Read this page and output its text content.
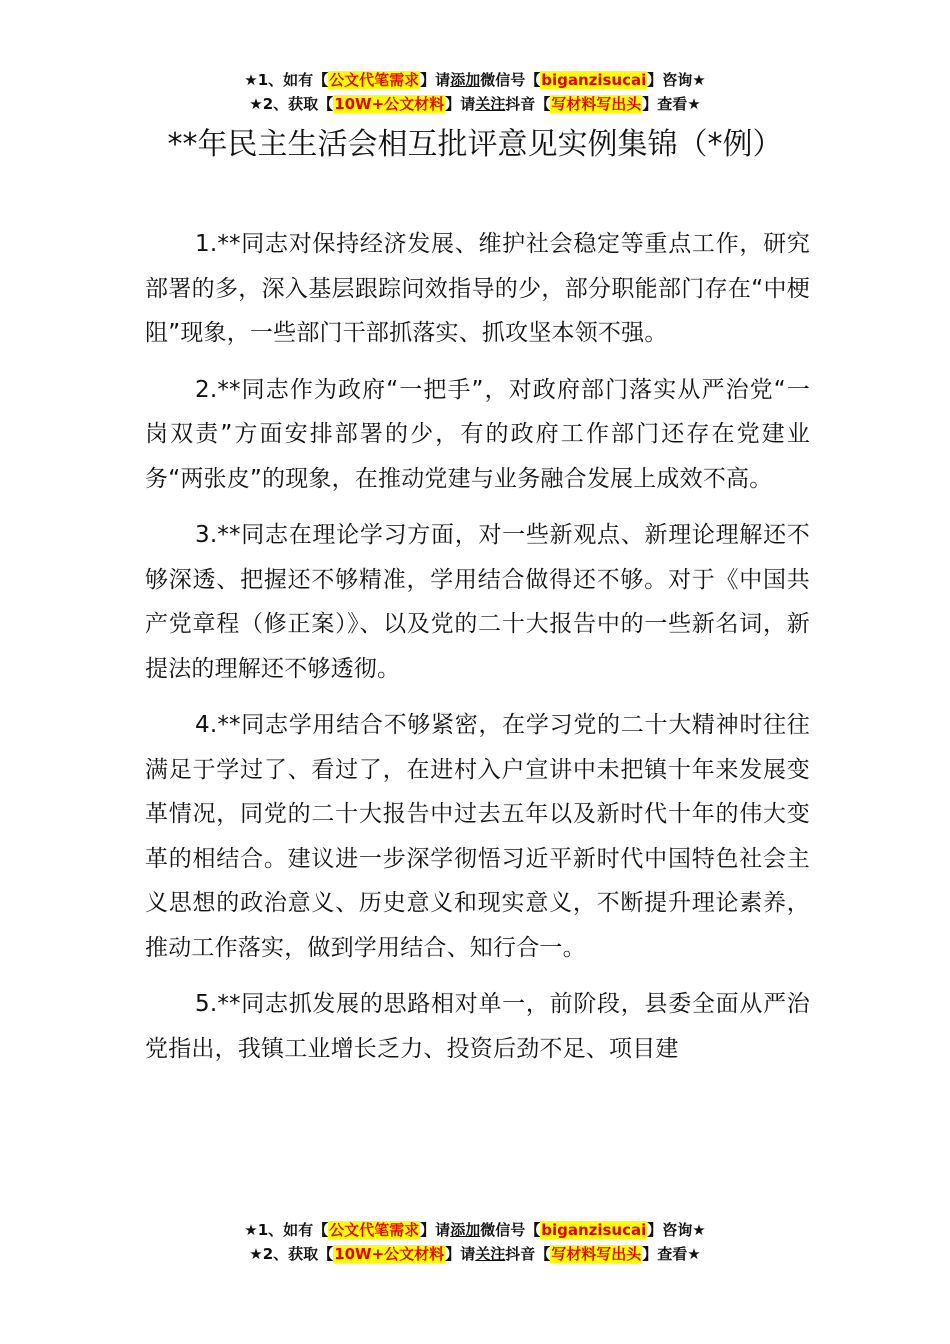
★1、如有【公文代笔需求】请添加微信号【biganzisucai】咨询★
★2、获取【10W+公文材料】请关注抖音【写材料写出头】查看★
**年民主生活会相互批评意见实例集锦（*例）

1.**同志对保持经济发展、维护社会稳定等重点工作，研究部署的多，深入基层跟踪问效指导的少，部分职能部门存在“中梗阻”现象，一些部门干部抓落实、抓攻坚本领不强。

2.**同志作为政府“一把手”，对政府部门落实从严治党“一岗双责”方面安排部署的少，有的政府工作部门还存在党建业务“两张皮”的现象，在推动党建与业务融合发展上成效不高。

3.**同志在理论学习方面，对一些新观点、新理论理解还不够深透、把握还不够精准，学用结合做得还不够。对于《中国共产党章程（修正案）》、以及党的二十大报告中的一些新名词，新提法的理解还不够透彻。

4.**同志学用结合不够紧密，在学习党的二十大精神时往往满足于学过了、看过了，在进村入户宣讲中未把镇十年来发展变革情况，同党的二十大报告中过去五年以及新时代十年的伟大变革的相结合。建议进一步深学彻悟习近平新时代中国特色社会主义思想的政治意义、历史意义和现实意义，不断提升理论素养，推动工作落实，做到学用结合、知行合一。

5.**同志抓发展的思路相对单一，前阶段，县委全面从严治党指出，我镇工业增长乏力、投资后劲不足、项目建

★1、如有【公文代笔需求】请添加微信号【biganzisucai】咨询★
★2、获取【10W+公文材料】请关注抖音【写材料写出头】查看★
